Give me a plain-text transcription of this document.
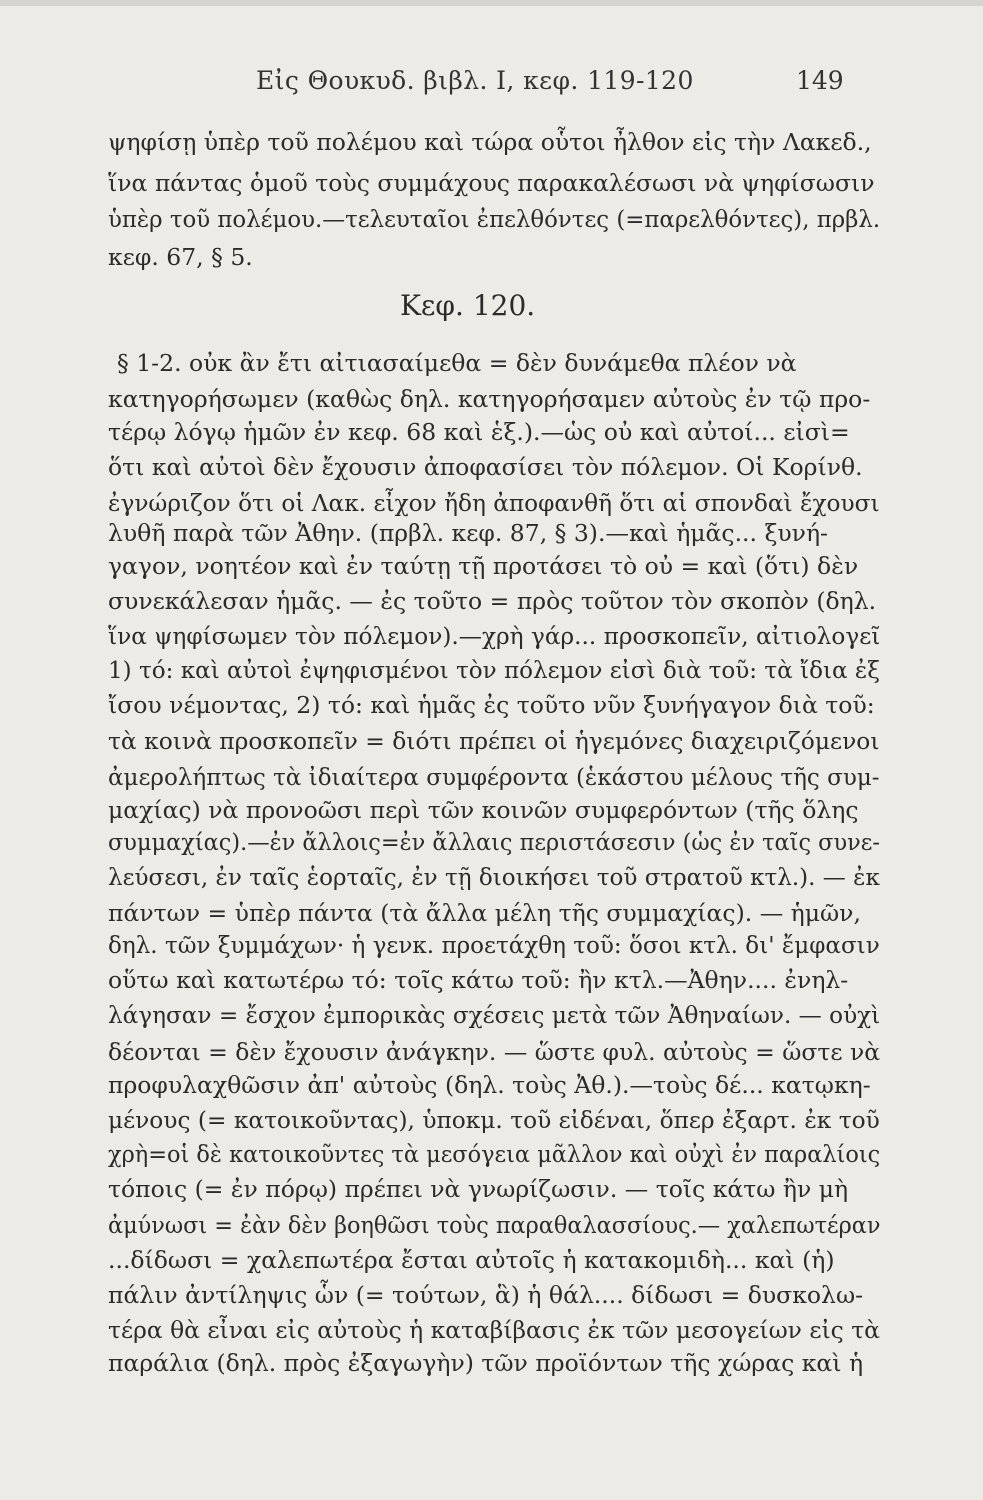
Εἰς Θουκυδ. βιβλ. I, κεφ. 119-120	149
ψηφίσῃ ὑπὲρ τοῦ πολέμου καὶ τώρα οὗτοι ἦλθον εἰς τὴν Λακεδ.,
ἵνα πάντας ὁμοῦ τοὺς συμμάχους παρακαλέσωσι νὰ ψηφίσωσιν
ὑπὲρ τοῦ πολέμου.—τελευταῖοι ἐπελθόντες (=παρελθόντες), πρβλ.
κεφ. 67, § 5.
Κεφ. 120.
§ 1-2. οὐκ ἂν ἔτι αἰτιασαίμεθα = δὲν δυνάμεθα πλέον νὰ
κατηγορήσωμεν (καθὼς δηλ. κατηγορήσαμεν αὐτοὺς ἐν τῷ προ-
τέρῳ λόγῳ ἡμῶν ἐν κεφ. 68 καὶ ἑξ.).—ὡς οὐ καὶ αὐτοί... εἰσὶ=
ὅτι καὶ αὐτοὶ δὲν ἔχουσιν ἀποφασίσει τὸν πόλεμον. Οἱ Κορίνθ.
ἐγνώριζον ὅτι οἱ Λακ. εἶχον ἤδη ἀποφανθῆ ὅτι αἱ σπονδαὶ ἔχουσι
λυθῆ παρὰ τῶν Ἀθην. (πρβλ. κεφ. 87, § 3).—καὶ ἡμᾶς... ξυνή-
γαγον, νοητέον καὶ ἐν ταύτῃ τῇ προτάσει τὸ οὐ = καὶ (ὅτι) δὲν
συνεκάλεσαν ἡμᾶς. — ἐς τοῦτο = πρὸς τοῦτον τὸν σκοπὸν (δηλ.
ἵνα ψηφίσωμεν τὸν πόλεμον).—χρὴ γάρ... προσκοπεῖν, αἰτιολογεῖ
1) τό: καὶ αὐτοὶ ἐψηφισμένοι τὸν πόλεμον εἰσὶ διὰ τοῦ: τὰ ἴδια ἐξ
ἴσου νέμοντας, 2) τό: καὶ ἡμᾶς ἐς τοῦτο νῦν ξυνήγαγον διὰ τοῦ:
τὰ κοινὰ προσκοπεῖν = διότι πρέπει οἱ ἡγεμόνες διαχειριζόμενοι
ἀμερολήπτως τὰ ἰδιαίτερα συμφέροντα (ἑκάστου μέλους τῆς συμ-
μαχίας) νὰ προνοῶσι περὶ τῶν κοινῶν συμφερόντων (τῆς ὅλης
συμμαχίας).—ἐν ἄλλοις=ἐν ἄλλαις περιστάσεσιν (ὡς ἐν ταῖς συνε-
λεύσεσι, ἐν ταῖς ἑορταῖς, ἐν τῇ διοικήσει τοῦ στρατοῦ κτλ.). — ἐκ
πάντων = ὑπὲρ πάντα (τὰ ἄλλα μέλη τῆς συμμαχίας). — ἡμῶν,
δηλ. τῶν ξυμμάχων· ἡ γενκ. προετάχθη τοῦ: ὅσοι κτλ. δι' ἔμφασιν
οὕτω καὶ κατωτέρω τό: τοῖς κάτω τοῦ: ἢν κτλ.—Ἀθην.... ἐνηλ-
λάγησαν = ἔσχον ἐμπορικὰς σχέσεις μετὰ τῶν Ἀθηναίων. — οὐχὶ
δέονται = δὲν ἔχουσιν ἀνάγκην. — ὥστε φυλ. αὐτοὺς = ὥστε νὰ
προφυλαχθῶσιν ἀπ' αὐτοὺς (δηλ. τοὺς Ἀθ.).—τοὺς δέ... κατῳκη-
μένους (= κατοικοῦντας), ὑποκμ. τοῦ εἰδέναι, ὅπερ ἐξαρτ. ἐκ τοῦ
χρὴ=οἱ δὲ κατοικοῦντες τὰ μεσόγεια μᾶλλον καὶ οὐχὶ ἐν παραλίοις
τόποις (= ἐν πόρῳ) πρέπει νὰ γνωρίζωσιν. — τοῖς κάτω ἢν μὴ
ἀμύνωσι = ἐὰν δὲν βοηθῶσι τοὺς παραθαλασσίους.— χαλεπωτέραν
...δίδωσι = χαλεπωτέρα ἔσται αὐτοῖς ἡ κατακομιδὴ... καὶ (ἡ)
πάλιν ἀντίληψις ὧν (= τούτων, ἃ) ἡ θάλ.... δίδωσι = δυσκολω-
τέρα θὰ εἶναι εἰς αὐτοὺς ἡ καταβίβασις ἐκ τῶν μεσογείων εἰς τὰ
παράλια (δηλ. πρὸς ἐξαγωγὴν) τῶν προϊόντων τῆς χώρας καὶ ἡ
